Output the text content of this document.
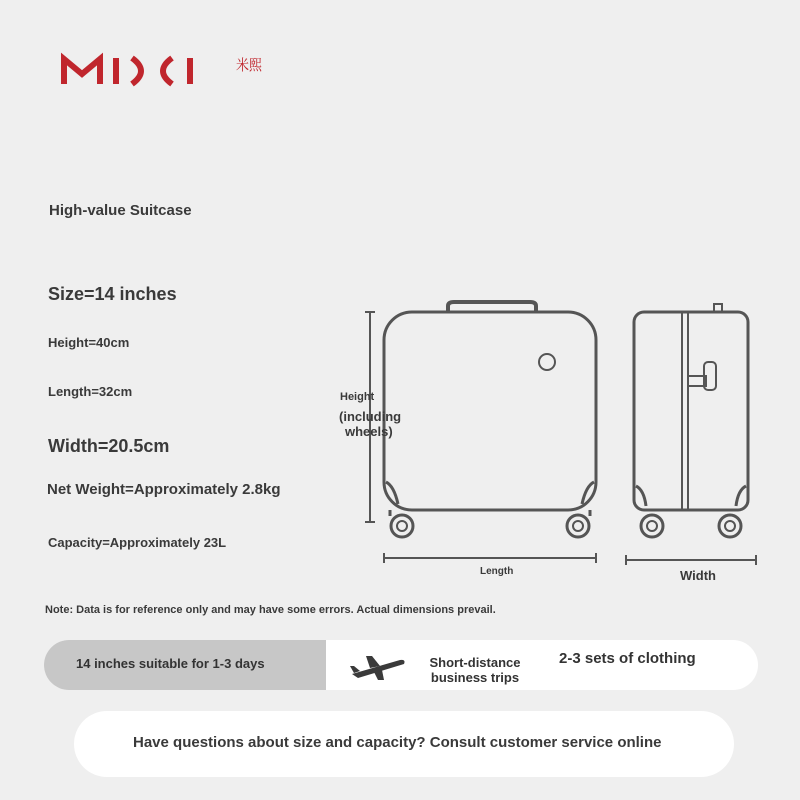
米熙
High-value Suitcase
Size=14 inches
Height=40cm
Length=32cm
Width=20.5cm
Net Weight=Approximately 2.8kg
Capacity=Approximately 23L
Height
(including
wheels)
Length	Width
Note: Data is for reference only and may have some errors. Actual dimensions prevail.
14 inches suitable for 1-3 days	Short-distance
business trips
2-3 sets of clothing
Have questions about size and capacity? Consult customer service online
